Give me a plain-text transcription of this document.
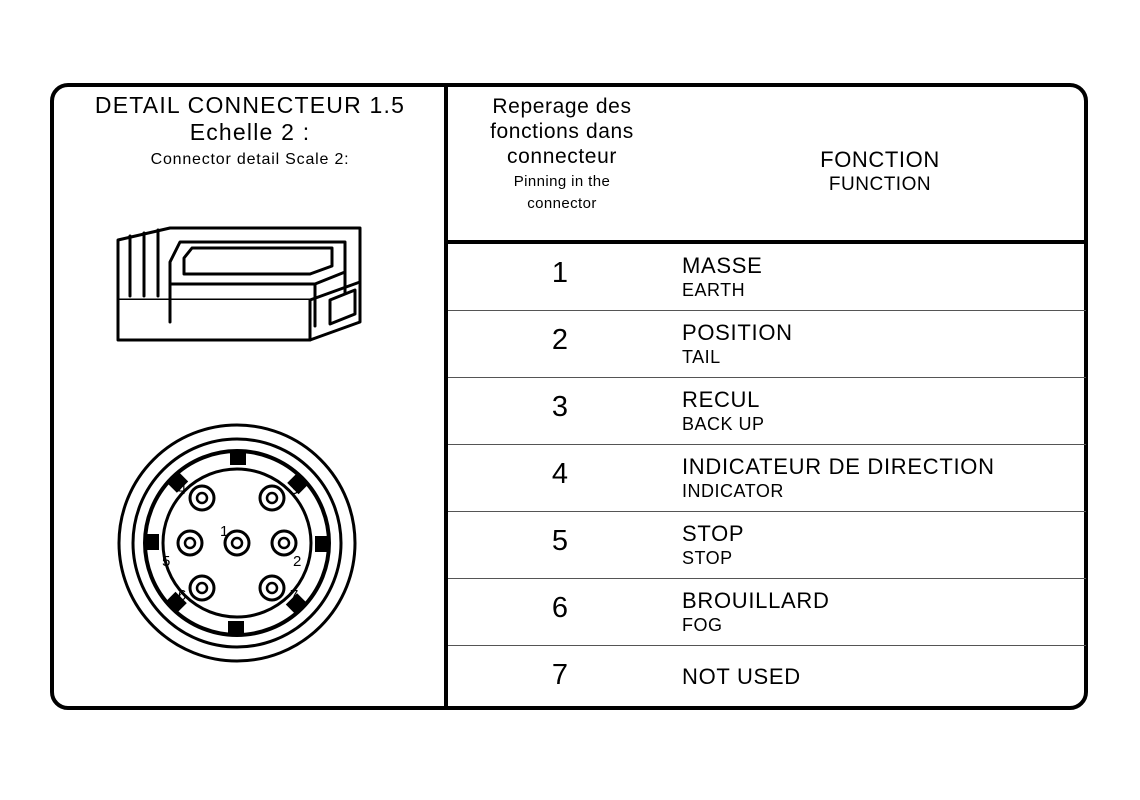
DETAIL CONNECTEUR 1.5
Echelle 2 :
Connector detail Scale 2:
1
2
3
4
5
6	7
Reperage des
fonctions dans
connecteur
Pinning in the
connector
FONCTION
FUNCTION
1	MASSE
EARTH
2	POSITION
TAIL
3	RECUL
BACK UP
4	INDICATEUR DE DIRECTION
INDICATOR
5	STOP
STOP
6	BROUILLARD
FOG
7	NOT USED
